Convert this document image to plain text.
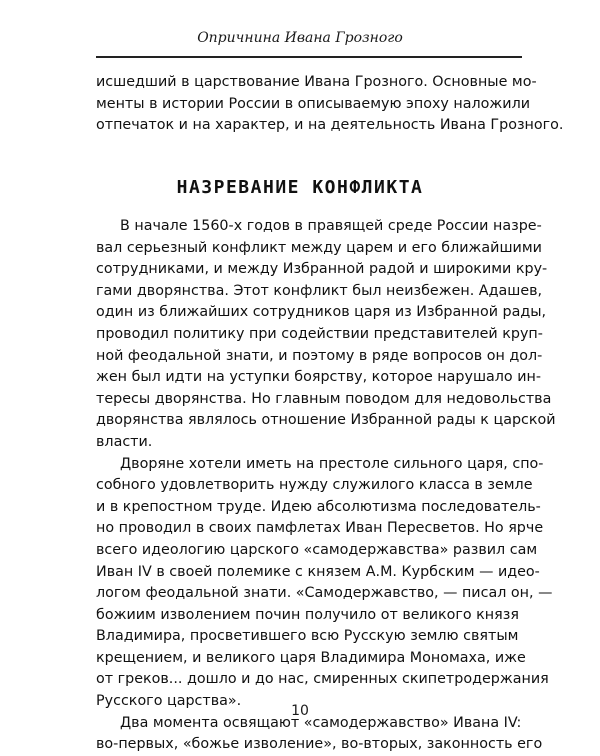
Опричнина Ивана Грозного
исшедший в царствование Ивана Грозного. Основные мо-
менты в истории России в описываемую эпоху наложили
отпечаток и на характер, и на деятельность Ивана Грозного.
НАЗРЕВАНИЕ КОНФЛИКТА
В начале 1560-х годов в правящей среде России назре-
вал серьезный конфликт между царем и его ближайшими
сотрудниками, и между Избранной радой и широкими кру-
гами дворянства. Этот конфликт был неизбежен. Адашев,
один из ближайших сотрудников царя из Избранной рады,
проводил политику при содействии представителей круп-
ной феодальной знати, и поэтому в ряде вопросов он дол-
жен был идти на уступки боярству, которое нарушало ин-
тересы дворянства. Но главным поводом для недовольства
дворянства являлось отношение Избранной рады к царской
власти.
Дворяне хотели иметь на престоле сильного царя, спо-
собного удовлетворить нужду служилого класса в земле
и в крепостном труде. Идею абсолютизма последователь-
но проводил в своих памфлетах Иван Пересветов. Но ярче
всего идеологию царского «самодержавства» развил сам
Иван IV в своей полемике с князем А.М. Курбским — идео-
логом феодальной знати. «Самодержавство, — писал он, —
божиим изволением почин получило от великого князя
Владимира, просветившего всю Русскую землю святым
крещением, и великого царя Владимира Мономаха, иже
от греков... дошло и до нас, смиренных скипетродержания
Русского царства».
Два момента освящают «самодержавство» Ивана IV:
во-первых, «божье изволение», во-вторых, законность его
10
